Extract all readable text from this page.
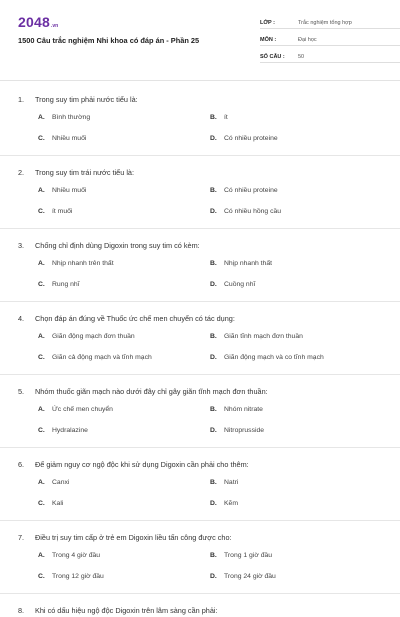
2048 .vn
1500 Câu trắc nghiệm Nhi khoa có đáp án - Phần 25
LỚP :	Trắc nghiệm tổng hợp
MÔN :	Đại học
SỐ CÂU :	50
1.	Trong suy tim phải nước tiểu là:
A.	Bình thường	B.	ít
C.	Nhiều muối	D.	Có nhiều proteine
2.	Trong suy tim trái nước tiểu là:
A.	Nhiều muối	B.	Có nhiều proteine
C.	ít muối	D.	Có nhiều hồng cầu
3.	Chống chỉ định dùng Digoxin trong suy tim có kèm:
A.	Nhịp nhanh trên thất	B.	Nhịp nhanh thất
C.	Rung nhĩ	D.	Cuồng nhĩ
4.	Chọn đáp án đúng về Thuốc ức chế men chuyển có tác dụng:
A.	Giãn động mạch đơn thuần	B.	Giãn tĩnh mạch đơn thuần
C.	Giãn cả động mạch và tĩnh mạch	D.	Giãn động mạch và co tĩnh mạch
5.	Nhóm thuốc giãn mạch nào dưới đây chỉ gây giãn tĩnh mạch đơn thuần:
A.	Ức chế men chuyển	B.	Nhóm nitrate
C.	Hydralazine	D.	Nitroprusside
6.	Để giảm nguy cơ ngộ độc khi sử dụng Digoxin cần phải cho thêm:
A.	Canxi	B.	Natri
C.	Kali	D.	Kẽm
7.	Điều trị suy tim cấp ở trẻ em Digoxin liều tấn công được cho:
A.	Trong 4 giờ đầu	B.	Trong 1 giờ đầu
C.	Trong 12 giờ đầu	D.	Trong 24 giờ đầu
8.	Khi có dấu hiệu ngộ độc Digoxin trên lâm sàng cần phải:
